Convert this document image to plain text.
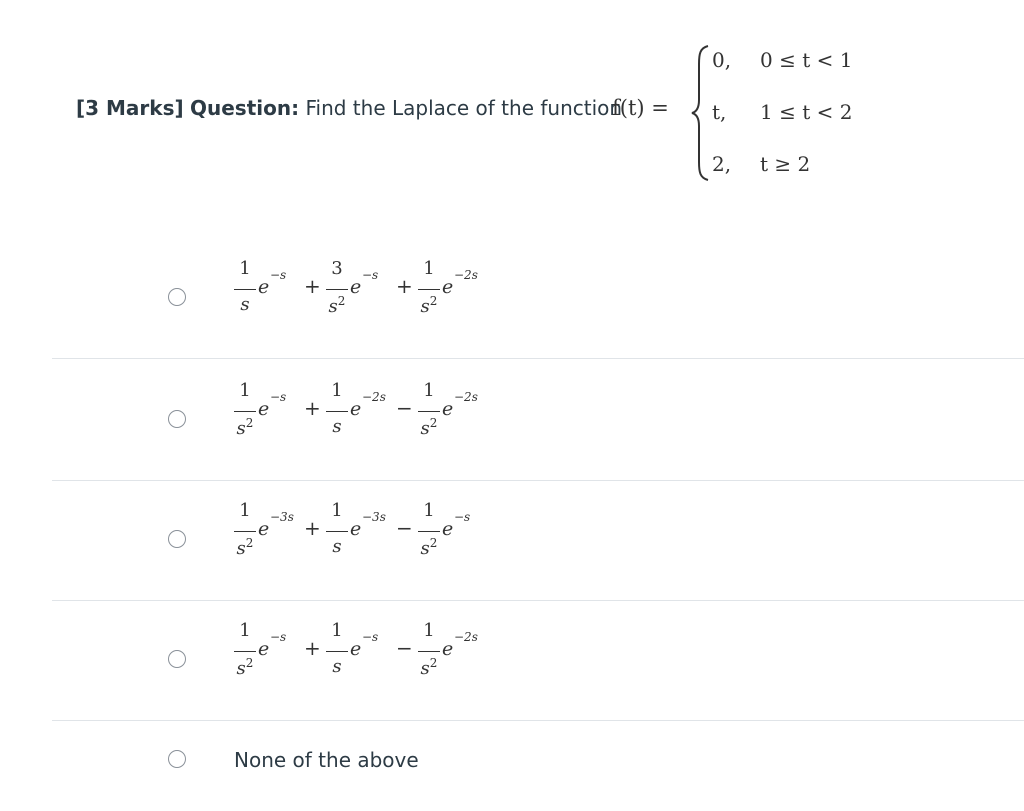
[3 Marks] Question: Find the Laplace of the function
f(t) =
0, 0 ≤ t < 1
t, 1 ≤ t < 2
2, t ≥ 2
1
s
e
−s +
3
$s^2$
e
−s +
1
$s^2$
e
−2s
1
$s^2$
e
−s +
1
s
e
−2s −
1
$s^2$
e
−2s
1
$s^2$
e
−3s +
1
s
e
−3s −
1
$s^2$
e
−s
1
$s^2$
e
−s +
1
s
e
−s −
1
$s^2$
e
−2s
None of the above
